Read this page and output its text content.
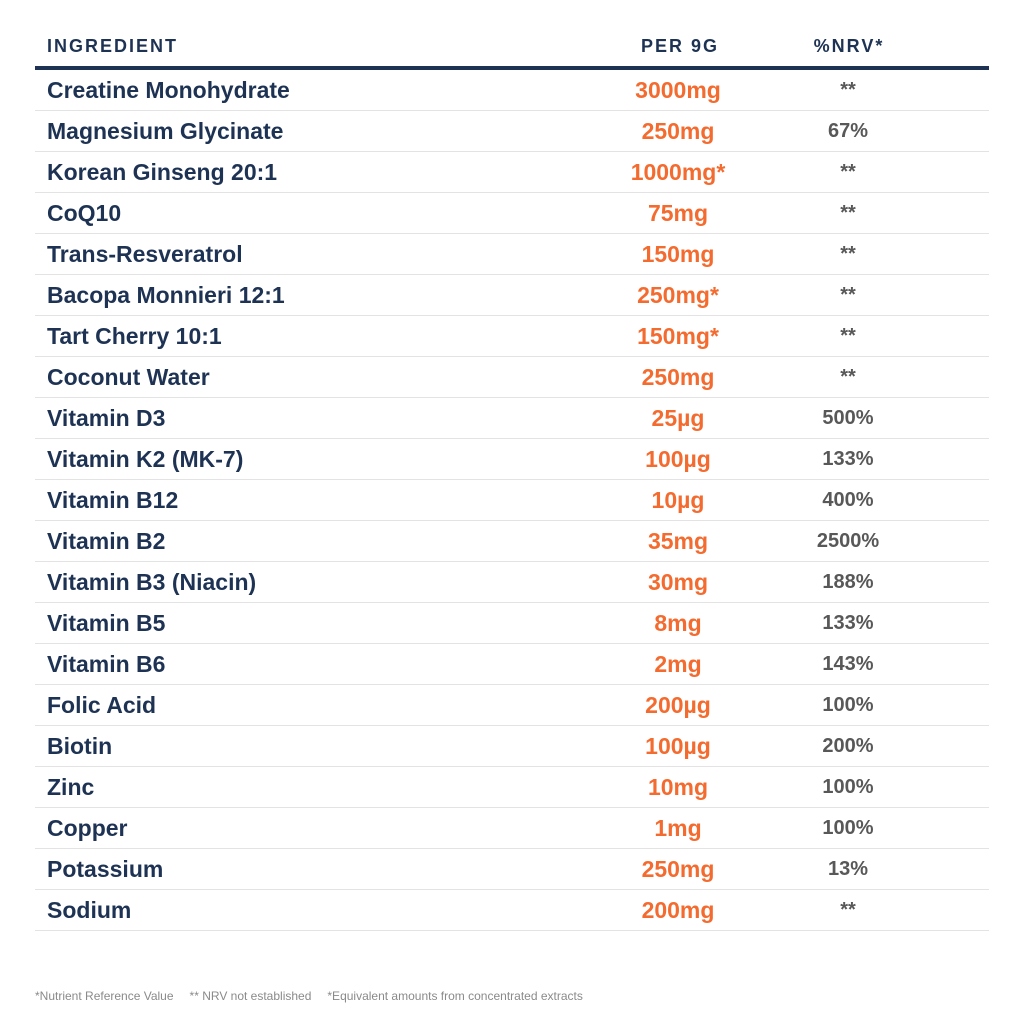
INGREDIENT	PER 9G	%NRV*
Creatine Monohydrate	3000mg	**
Magnesium Glycinate	250mg	67%
Korean Ginseng 20:1	1000mg*	**
CoQ10	75mg	**
Trans-Resveratrol	150mg	**
Bacopa Monnieri 12:1	250mg*	**
Tart Cherry 10:1	150mg*	**
Coconut Water	250mg	**
Vitamin D3	25µg	500%
Vitamin K2 (MK-7)	100µg	133%
Vitamin B12	10µg	400%
Vitamin B2	35mg	2500%
Vitamin B3 (Niacin)	30mg	188%
Vitamin B5	8mg	133%
Vitamin B6	2mg	143%
Folic Acid	200µg	100%
Biotin	100µg	200%
Zinc	10mg	100%
Copper	1mg	100%
Potassium	250mg	13%
Sodium	200mg	**
*Nutrient Reference Value ** NRV not established *Equivalent amounts from concentrated extracts
